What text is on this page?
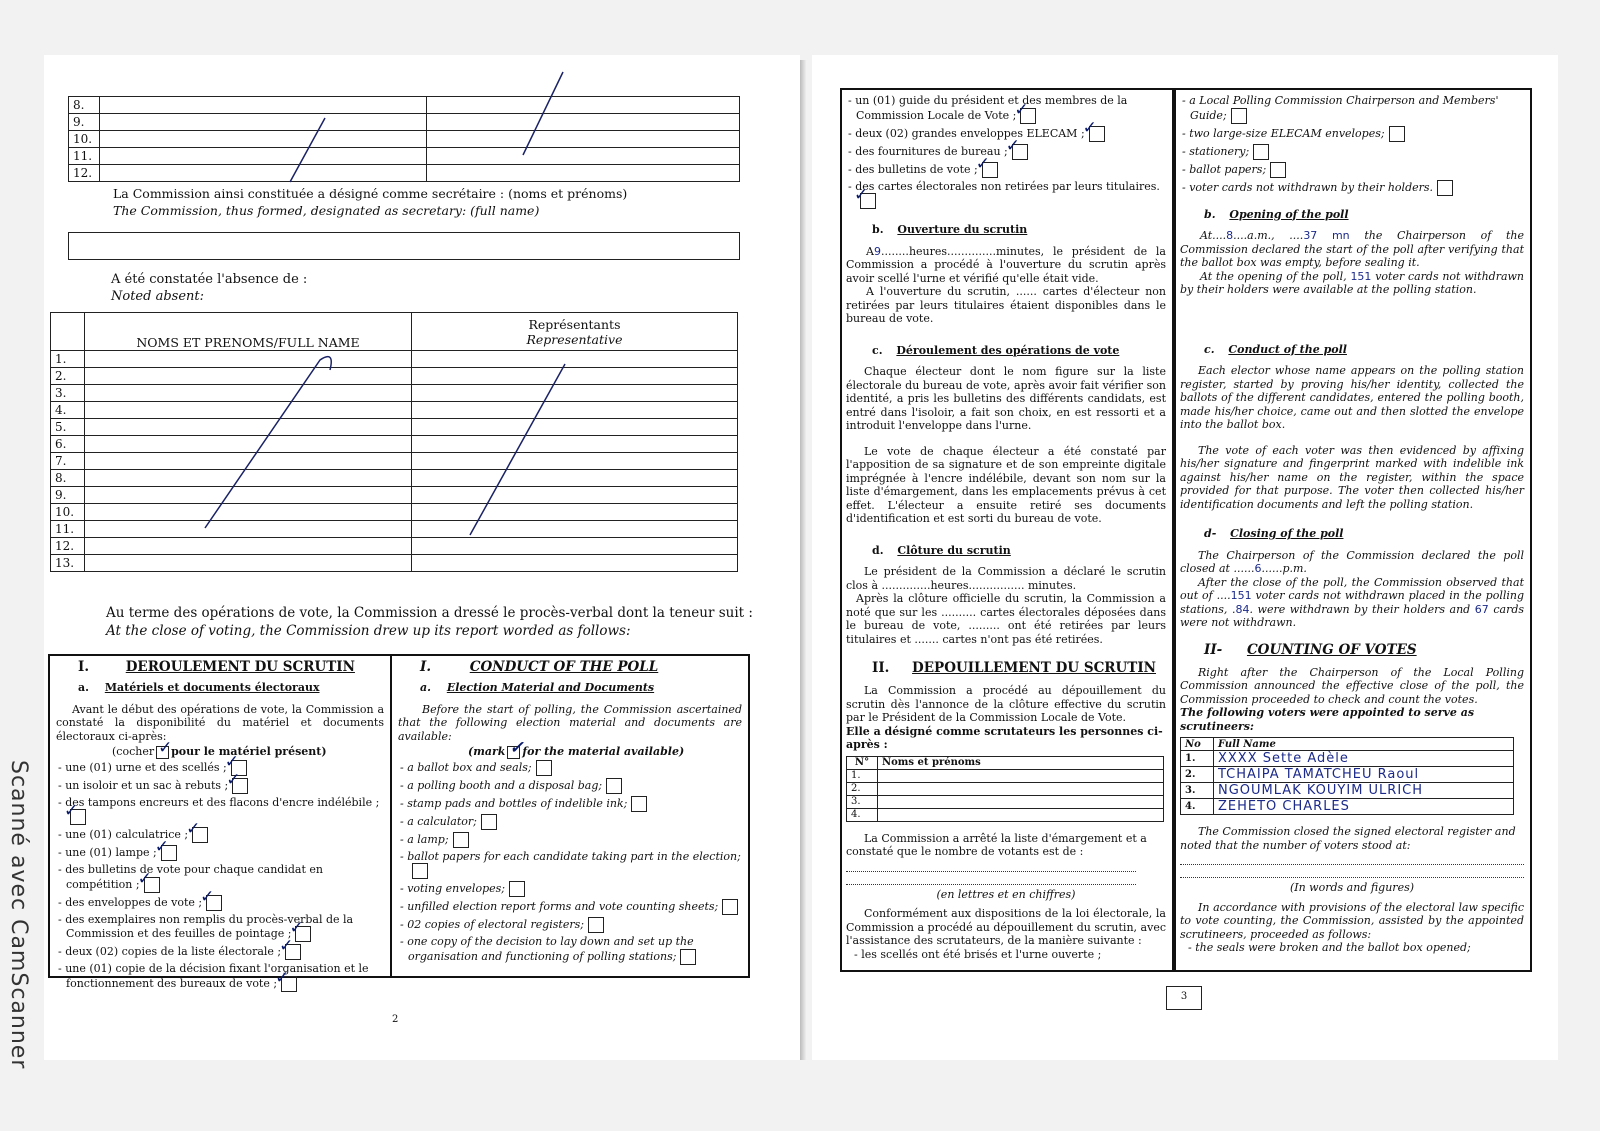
8.		
9.		
10.		
11.		
12.		
La Commission ainsi constituée a désigné comme secrétaire : (noms et prénoms)
The Commission, thus formed, designated as secretary: (full name)
A été constatée l'absence de :
Noted absent:
	NOMS ET PRENOMS/FULL NAME	Représentants
Representative

1.		
2.		
3.		
4.		
5.		
6.		
7.		
8.		
9.		
10.		
11.		
12.		
13.		
Au terme des opérations de vote, la Commission a dressé le procès-verbal dont la teneur suit :
At the close of voting, the Commission drew up its report worded as follows:
I.	DEROULEMENT DU SCRUTIN
a. Matériels et documents électoraux
Avant le début des opérations de vote, la Commission a constaté la disponibilité du matériel et documents électoraux ci-après:
(cocher ✓ pour le matériel présent)
- une (01) urne et des scellés ;✓
- un isoloir et un sac à rebuts ;✓
- des tampons encreurs et des flacons d'encre indélébile ;✓
- une (01) calculatrice ;✓
- une (01) lampe ;✓
- des bulletins de vote pour chaque candidat en compétition ;✓
- des enveloppes de vote ;✓
- des exemplaires non remplis du procès-verbal de la Commission et des feuilles de pointage ;✓
- deux (02) copies de la liste électorale ;✓
- une (01) copie de la décision fixant l'organisation et le fonctionnement des bureaux de vote ;✓
I.	CONDUCT OF THE POLL
a. Election Material and Documents
Before the start of polling, the Commission ascertained that the following election material and documents are available:
(mark ✓ for the material available)
- a ballot box and seals;
- a polling booth and a disposal bag;
- stamp pads and bottles of indelible ink;
- a calculator;
- a lamp;
- ballot papers for each candidate taking part in the election;
- voting envelopes;
- unfilled election report forms and vote counting sheets;
- 02 copies of electoral registers;
- one copy of the decision to lay down and set up the organisation and functioning of polling stations;
2
Scanné avec CamScanner
- un (01) guide du président et des membres de la Commission Locale de Vote ;✓
- deux (02) grandes enveloppes ELECAM ;✓
- des fournitures de bureau ;✓
- des bulletins de vote ;✓
- des cartes électorales non retirées par leurs titulaires.✓
b. Ouverture du scrutin
A9........heures..............minutes, le président de la Commission a procédé à l'ouverture du scrutin après avoir scellé l'urne et vérifié qu'elle était vide.
A l'ouverture du scrutin, ...... cartes d'électeur non retirées par leurs titulaires étaient disponibles dans le bureau de vote.
c. Déroulement des opérations de vote
Chaque électeur dont le nom figure sur la liste électorale du bureau de vote, après avoir fait vérifier son identité, a pris les bulletins des différents candidats, est entré dans l'isoloir, a fait son choix, en est ressorti et a introduit l'enveloppe dans l'urne.
Le vote de chaque électeur a été constaté par l'apposition de sa signature et de son empreinte digitale imprégnée à l'encre indélébile, devant son nom sur la liste d'émargement, dans les emplacements prévus à cet effet. L'électeur a ensuite retiré ses documents d'identification et est sorti du bureau de vote.
d. Clôture du scrutin
Le président de la Commission a déclaré le scrutin clos à ..............heures................ minutes.
Après la clôture officielle du scrutin, la Commission a noté que sur les .......... cartes électorales déposées dans le bureau de vote, ......... ont été retirées par leurs titulaires et ....... cartes n'ont pas été retirées.
II. DEPOUILLEMENT DU SCRUTIN
La Commission a procédé au dépouillement du scrutin dès l'annonce de la clôture effective du scrutin par le Président de la Commission Locale de Vote.
Elle a désigné comme scrutateurs les personnes ci-après :
N°	Noms et prénoms
1.	
2.	
3.	
4.	
La Commission a arrêté la liste d'émargement et a constaté que le nombre de votants est de :
(en lettres et en chiffres)
Conformément aux dispositions de la loi électorale, la Commission a procédé au dépouillement du scrutin, avec l'assistance des scrutateurs, de la manière suivante :
- les scellés ont été brisés et l'urne ouverte ;
- a Local Polling Commission Chairperson and Members' Guide;
- two large-size ELECAM envelopes;
- stationery;
- ballot papers;
- voter cards not withdrawn by their holders.
b. Opening of the poll
At....8....a.m., ....37 mn the Chairperson of the Commission declared the start of the poll after verifying that the ballot box was empty, before sealing it.
At the opening of the poll, 151 voter cards not withdrawn by their holders were available at the polling station.
c. Conduct of the poll
Each elector whose name appears on the polling station register, started by proving his/her identity, collected the ballots of the different candidates, entered the polling booth, made his/her choice, came out and then slotted the envelope into the ballot box.
The vote of each voter was then evidenced by affixing his/her signature and fingerprint marked with indelible ink against his/her name on the register, within the space provided for that purpose. The voter then collected his/her identification documents and left the polling station.
d- Closing of the poll
The Chairperson of the Commission declared the poll closed at ......6......p.m.
After the close of the poll, the Commission observed that out of ....151 voter cards not withdrawn placed in the polling stations, .84. were withdrawn by their holders and 67 cards were not withdrawn.
II- COUNTING OF VOTES
Right after the Chairperson of the Local Polling Commission announced the effective close of the poll, the Commission proceeded to check and count the votes.
The following voters were appointed to serve as scrutineers:
No	Full Name
1.	XXXX Sette Adèle
2.	TCHAIPA TAMATCHEU Raoul
3.	NGOUMLAK KOUYIM ULRICH
4.	ZEHETO CHARLES
The Commission closed the signed electoral register and noted that the number of voters stood at:
(In words and figures)
In accordance with provisions of the electoral law specific to vote counting, the Commission, assisted by the appointed scrutineers, proceeded as follows:
- the seals were broken and the ballot box opened;
3
